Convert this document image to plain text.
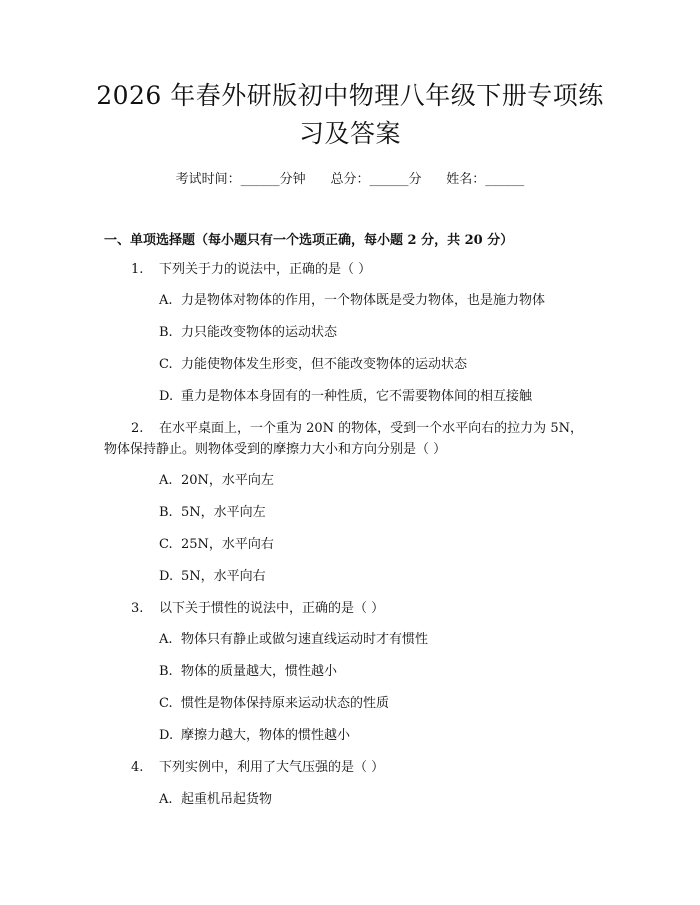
2026 年春外研版初中物理八年级下册专项练
习及答案
考试时间：______分钟 总分：______分 姓名：______
一、单项选择题（每小题只有一个选项正确，每小题 2 分，共 20 分）
1. 下列关于力的说法中，正确的是（ ）
A. 力是物体对物体的作用，一个物体既是受力物体，也是施力物体
B. 力只能改变物体的运动状态
C. 力能使物体发生形变，但不能改变物体的运动状态
D. 重力是物体本身固有的一种性质，它不需要物体间的相互接触
2. 在水平桌面上，一个重为 20N 的物体，受到一个水平向右的拉力为 5N，
物体保持静止。则物体受到的摩擦力大小和方向分别是（ ）
A. 20N，水平向左
B. 5N，水平向左
C. 25N，水平向右
D. 5N，水平向右
3. 以下关于惯性的说法中，正确的是（ ）
A. 物体只有静止或做匀速直线运动时才有惯性
B. 物体的质量越大，惯性越小
C. 惯性是物体保持原来运动状态的性质
D. 摩擦力越大，物体的惯性越小
4. 下列实例中，利用了大气压强的是（ ）
A. 起重机吊起货物
